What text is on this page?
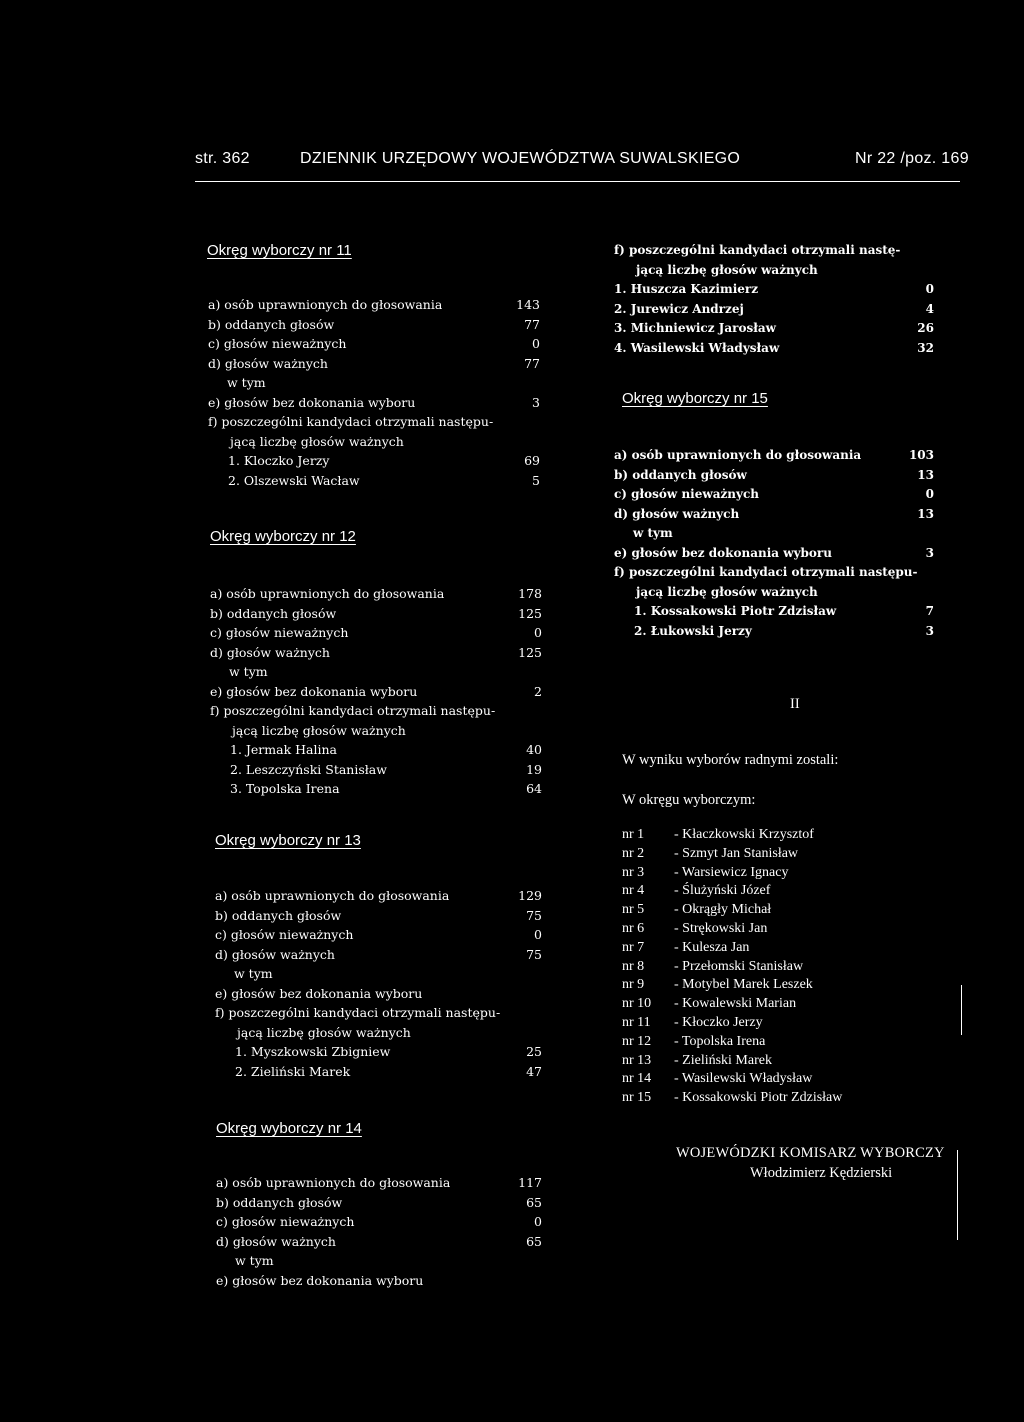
str. 362	DZIENNIK URZĘDOWY WOJEWÓDZTWA SUWALSKIEGO	Nr 22 /poz. 169
Okręg wyborczy nr 11
a) osób uprawnionych do głosowania	143
b) oddanych głosów	77
c) głosów nieważnych	0
d) głosów ważnych	77
w tym
e) głosów bez dokonania wyboru	3
f) poszczególni kandydaci otrzymali następu-
jącą liczbę głosów ważnych
1. Kloczko Jerzy	69
2. Olszewski Wacław	5
Okręg wyborczy nr 12
a) osób uprawnionych do głosowania	178
b) oddanych głosów	125
c) głosów nieważnych	0
d) głosów ważnych	125
w tym
e) głosów bez dokonania wyboru	2
f) poszczególni kandydaci otrzymali następu-
jącą liczbę głosów ważnych
1. Jermak Halina	40
2. Leszczyński Stanisław	19
3. Topolska Irena	64
Okręg wyborczy nr 13
a) osób uprawnionych do głosowania	129
b) oddanych głosów	75
c) głosów nieważnych	0
d) głosów ważnych	75
w tym
e) głosów bez dokonania wyboru
f) poszczególni kandydaci otrzymali następu-
jącą liczbę głosów ważnych
1. Myszkowski Zbigniew	25
2. Zieliński Marek	47
Okręg wyborczy nr 14
a) osób uprawnionych do głosowania	117
b) oddanych głosów	65
c) głosów nieważnych	0
d) głosów ważnych	65
w tym
e) głosów bez dokonania wyboru
f) poszczególni kandydaci otrzymali nastę-
jącą liczbę głosów ważnych
1. Huszcza Kazimierz	0
2. Jurewicz Andrzej	4
3. Michniewicz Jarosław	26
4. Wasilewski Władysław	32
Okręg wyborczy nr 15
a) osób uprawnionych do głosowania	103
b) oddanych głosów	13
c) głosów nieważnych	0
d) głosów ważnych	13
w tym
e) głosów bez dokonania wyboru	3
f) poszczególni kandydaci otrzymali następu-
jącą liczbę głosów ważnych
1. Kossakowski Piotr Zdzisław	7
2. Łukowski Jerzy	3
II
W wyniku wyborów radnymi zostali:
W okręgu wyborczym:
nr 1 - Kłaczkowski Krzysztof
nr 2 - Szmyt Jan Stanisław
nr 3 - Warsiewicz Ignacy
nr 4 - Ślużyński Józef
nr 5 - Okrągły Michał
nr 6 - Strękowski Jan
nr 7 - Kulesza Jan
nr 8 - Przełomski Stanisław
nr 9 - Motybel Marek Leszek
nr 10 - Kowalewski Marian
nr 11 - Kłoczko Jerzy
nr 12 - Topolska Irena
nr 13 - Zieliński Marek
nr 14 - Wasilewski Władysław
nr 15 - Kossakowski Piotr Zdzisław
WOJEWÓDZKI KOMISARZ WYBORCZY
Włodzimierz Kędzierski
